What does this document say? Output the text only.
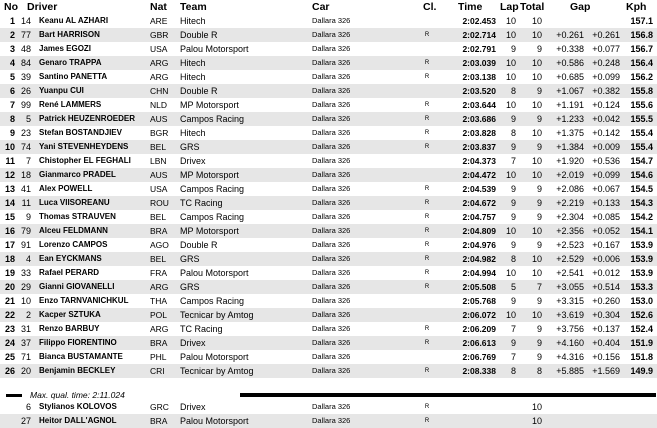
No Driver	Nat Team	Car	Cl. Time Lap Total Gap	Kph
1 14 Keanu AL AZHARI	ARE Hitech	Dallara 326	2:02.453	10	10	157.1
2 77 Bart HARRISON	GBR Double R	Dallara 326	R	2:02.714	10	10	+0.261 +0.261	156.8
3 48 James EGOZI	USA Palou Motorsport	Dallara 326	2:02.791	9	9	+0.338 +0.077	156.7
4 84 Genaro TRAPPA	ARG Hitech	Dallara 326	R	2:03.039	10	10	+0.586 +0.248	156.4
5 39 Santino PANETTA	ARG Hitech	Dallara 326	R	2:03.138	10	10	+0.685 +0.099	156.2
6 26 Yuanpu CUI	CHN Double R	Dallara 326	2:03.520	8	9	+1.067 +0.382	155.8
7 99 René LAMMERS	NLD MP Motorsport	Dallara 326	R	2:03.644	10	10	+1.191 +0.124	155.6
8	5 Patrick HEUZENROEDER AUS Campos Racing	Dallara 326	R	2:03.686	9	9	+1.233 +0.042	155.5
9 23 Stefan BOSTANDJIEV	BGR Hitech	Dallara 326	R	2:03.828	8	10	+1.375 +0.142	155.4
10 74 Yani STEVENHEYDENS	BEL GRS	Dallara 326	R	2:03.837	9	9	+1.384 +0.009	155.4
11	7 Chistopher EL FEGHALI LBN Drivex	Dallara 326	2:04.373	7	10	+1.920 +0.536	154.7
12 18 Gianmarco PRADEL	AUS MP Motorsport	Dallara 326	2:04.472	10	10	+2.019 +0.099	154.6
13 41 Alex POWELL	USA Campos Racing	Dallara 326	R	2:04.539	9	9	+2.086 +0.067	154.5
14 11 Luca VIISOREANU	ROU TC Racing	Dallara 326	R	2:04.672	9	9	+2.219 +0.133	154.3
15	9 Thomas STRAUVEN	BEL Campos Racing	Dallara 326	R	2:04.757	9	9	+2.304 +0.085	154.2
16 79 Alceu FELDMANN	BRA MP Motorsport	Dallara 326	R	2:04.809	10	10	+2.356 +0.052	154.1
17 91 Lorenzo CAMPOS	AGO Double R	Dallara 326	R	2:04.976	9	9	+2.523 +0.167	153.9
18	4 Ean EYCKMANS	BEL GRS	Dallara 326	R	2:04.982	8	10	+2.529 +0.006	153.9
19 33 Rafael PERARD	FRA Palou Motorsport	Dallara 326	R	2:04.994	10	10	+2.541 +0.012	153.9
20 29 Gianni GIOVANELLI	ARG GRS	Dallara 326	R	2:05.508	5	7	+3.055 +0.514	153.3
21 10 Enzo TARNVANICHKUL	THA Campos Racing	Dallara 326	2:05.768	9	9	+3.315 +0.260	153.0
22	2 Kacper SZTUKA	POL Tecnicar by Amtog	Dallara 326	2:06.072	10	10	+3.619 +0.304	152.6
23 31 Renzo BARBUY	ARG TC Racing	Dallara 326	R	2:06.209	7	9	+3.756 +0.137	152.4
24 37 Filippo FIORENTINO	BRA Drivex	Dallara 326	R	2:06.613	9	9	+4.160 +0.404	151.9
25 71 Bianca BUSTAMANTE	PHL Palou Motorsport	Dallara 326	2:06.769	7	9	+4.316 +0.156	151.8
26 20 Benjamin BECKLEY	CRI Tecnicar by Amtog	Dallara 326	R	2:08.338	8	8	+5.885 +1.569	149.9
Max. qual. time: 2:11.024
6 Stylianos KOLOVOS	GRC Drivex	Dallara 326	R	10
27 Heitor DALL'AGNOL	BRA Palou Motorsport	Dallara 326	R	10
